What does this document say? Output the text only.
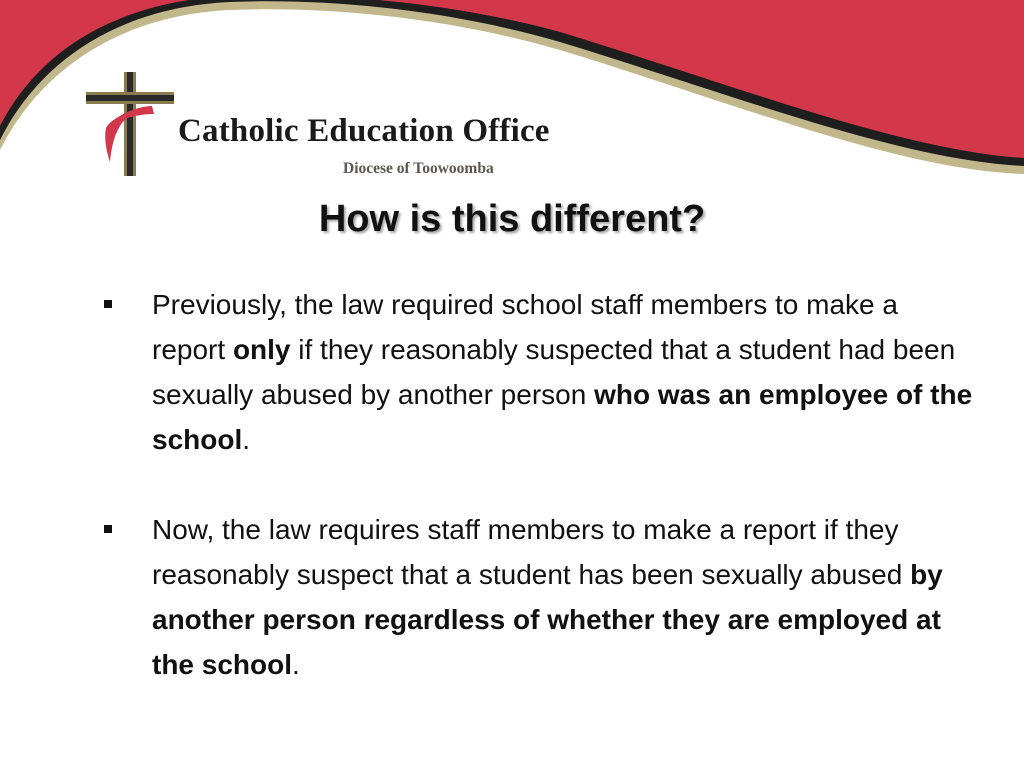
Catholic Education Office
Diocese of Toowoomba
How is this different?
Previously, the law required school staff members to make a report only if they reasonably suspected that a student had been sexually abused by another person who was an employee of the school.
Now, the law requires staff members to make a report if they reasonably suspect that a student has been sexually abused by another person regardless of whether they are employed at the school.
